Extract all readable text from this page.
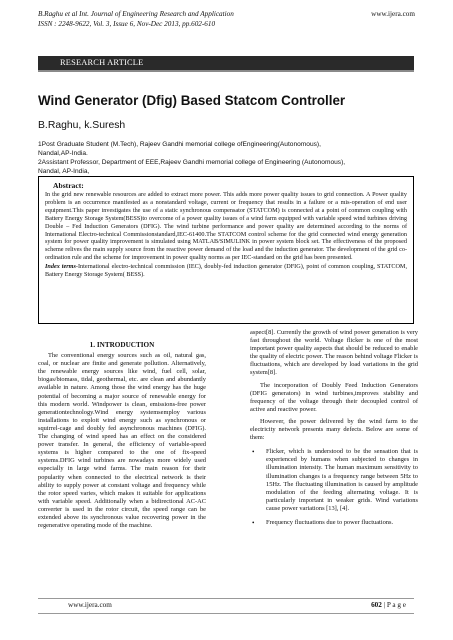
B.Raghu et al Int. Journal of Engineering Research and Application	www.ijera.com
ISSN : 2248-9622, Vol. 3, Issue 6, Nov-Dec 2013, pp.602-610
RESEARCH ARTICLE
Wind Generator (Dfig) Based Statcom Controller
B.Raghu, k.Suresh
1Post Graduate Student (M.Tech), Rajeev Gandhi memorial college ofEngineering(Autonomous),
Nandal,AP-India.
2Assistant Professor, Department of EEE,Rajeev Gandhi memorial college of Engineering (Autonomous),
Nandal, AP-India,
Abstract:

In the grid new renewable resources are added to extract more power. This adds more power quality issues to grid connection. A Power quality problem is an occurrence manifested as a nonstandard voltage, current or frequency that results in a failure or a mis-operation of end user equipment.This paper investigates the use of a static synchronous compensator (STATCOM) is connected at a point of common coupling with Battery Energy Storage System(BESS)to overcome of a power quality issues of a wind farm equipped with variable speed wind turbines driving Double – Fed Induction Generators (DFIG). The wind turbine performance and power quality are determined according to the norms of International Electro-technical Commissionstandard,IEC-61400.The STATCOM control scheme for the grid connected wind energy generation system for power quality improvement is simulated using MATLAB/SIMULINK in power system block set. The effectiveness of the proposed scheme relives the main supply source from the reactive power demand of the load and the induction generator. The development of the grid co-ordination rule and the scheme for improvement in power quality norms as per IEC-standard on the grid has been presented.

Index terms-International electro-technical commission (IEC), doubly-fed induction generator (DFIG), point of common coupling, STATCOM, Battery Energy Storage System( BESS).

1. INTRODUCTION

The conventional energy sources such as oil, natural gas, coal, or nuclear are finite and generate pollution. Alternatively, the renewable energy sources like wind, fuel cell, solar, biogas/biomass, tidal, geothermal, etc. are clean and abundantly available in nature. Among those the wind energy has the huge potential of becoming a major source of renewable energy for this modern world. Windpower is clean, emissions-free power generationtechnology.Wind energy systemsemploy various installations to exploit wind energy such as synchronous or squirrel-cage and doubly fed asynchronous machines (DFIG). The changing of wind speed has an effect on the considered power transfer. In general, the efficiency of variable-speed systems is higher compared to the one of fix-speed systems.DFIG wind turbines are nowadays more widely used especially in large wind farms. The main reason for their popularity when connected to the electrical network is their ability to supply power at constant voltage and frequency while the rotor speed varies, which makes it suitable for applications with variable speed. Additionally when a bidirectional AC-AC converter is used in the rotor circuit, the speed range can be extended above its synchronous value recovering power in the regenerative operating mode of the machine.

aspect[8]. Currently the growth of wind power generation is very fast throughout the world. Voltage flicker is one of the most important power quality aspects that should be reduced to enable the quality of electric power. The reason behind voltage Flicker is fluctuations, which are developed by load variations in the grid system[8].

The incorporation of Doubly Feed Induction Generators (DFIG generators) in wind turbines,improves stability and frequency of the voltage through their decoupled control of active and reactive power.

However, the power delivered by the wind farm to the electricity network presents many defects. Below are some of them:

• Flicker, which is understood to be the sensation that is experienced by humans when subjected to changes in illumination intensity. The human maximum sensitivity to illumination changes is a frequency range between 5Hz to 15Hz. The fluctuating illumination is caused by amplitude modulation of the feeding alternating voltage. It is particularly important in weaker grids. Wind variations cause power variations [13], [4].
• Frequency fluctuations due to power fluctuations.
www.ijera.com	602 | P a g e
